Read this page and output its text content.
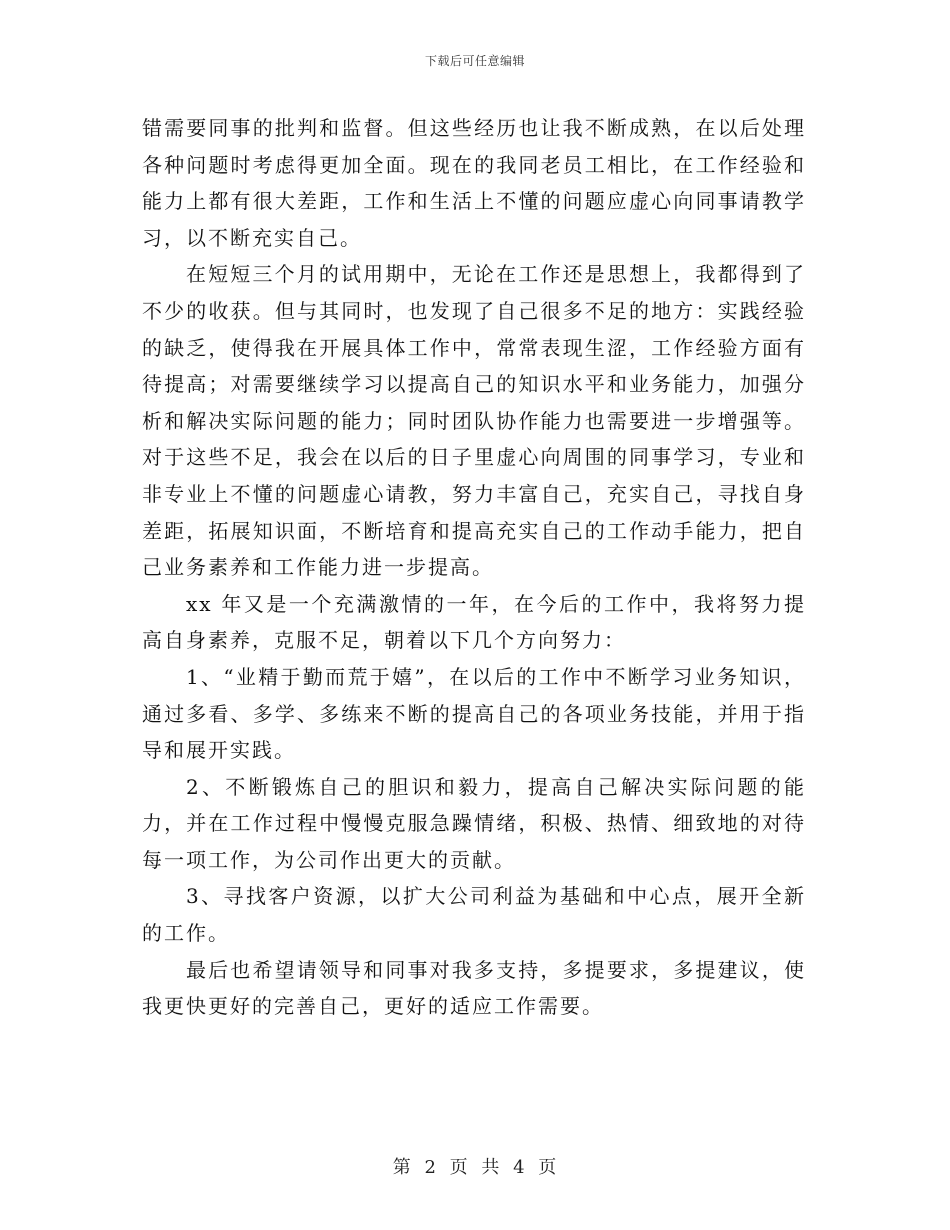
下载后可任意编辑

错需要同事的批判和监督。但这些经历也让我不断成熟，在以后处理各种问题时考虑得更加全面。现在的我同老员工相比，在工作经验和能力上都有很大差距，工作和生活上不懂的问题应虚心向同事请教学习，以不断充实自己。

在短短三个月的试用期中，无论在工作还是思想上，我都得到了不少的收获。但与其同时，也发现了自己很多不足的地方：实践经验的缺乏，使得我在开展具体工作中，常常表现生涩，工作经验方面有待提高；对需要继续学习以提高自己的知识水平和业务能力，加强分析和解决实际问题的能力；同时团队协作能力也需要进一步增强等。对于这些不足，我会在以后的日子里虚心向周围的同事学习，专业和非专业上不懂的问题虚心请教，努力丰富自己，充实自己，寻找自身差距，拓展知识面，不断培育和提高充实自己的工作动手能力，把自己业务素养和工作能力进一步提高。

xx 年又是一个充满激情的一年，在今后的工作中，我将努力提高自身素养，克服不足，朝着以下几个方向努力：

1、“业精于勤而荒于嬉”，在以后的工作中不断学习业务知识，通过多看、多学、多练来不断的提高自己的各项业务技能，并用于指导和展开实践。

2、不断锻炼自己的胆识和毅力，提高自己解决实际问题的能力，并在工作过程中慢慢克服急躁情绪，积极、热情、细致地的对待每一项工作，为公司作出更大的贡献。

3、寻找客户资源，以扩大公司利益为基础和中心点，展开全新的工作。

最后也希望请领导和同事对我多支持，多提要求，多提建议，使我更快更好的完善自己，更好的适应工作需要。

第 2 页 共 4 页
